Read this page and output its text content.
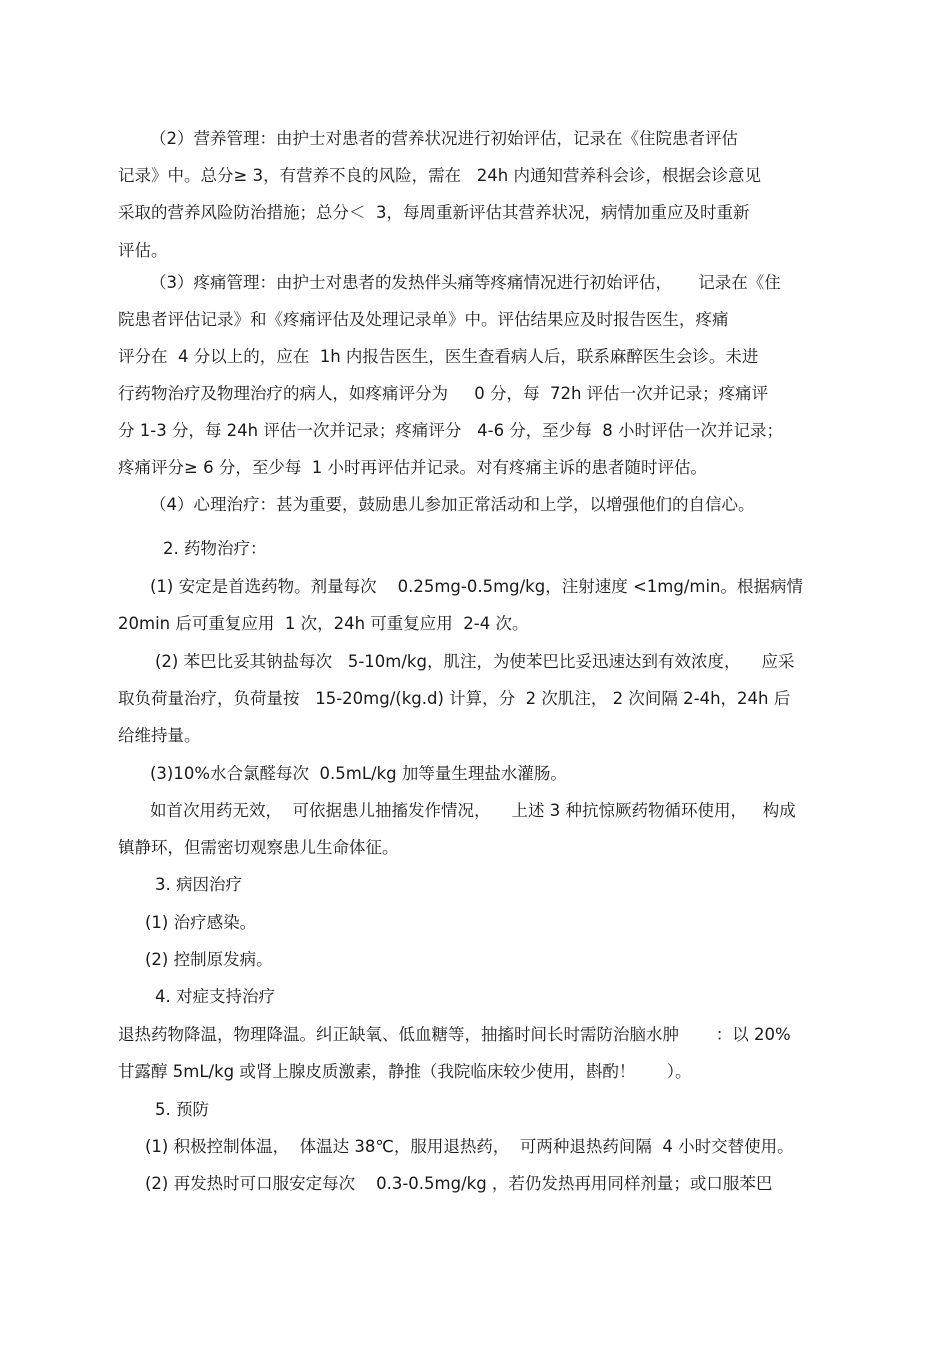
（2）营养管理：由护士对患者的营养状况进行初始评估，记录在《住院患者评估

记录》中。总分≥ 3，有营养不良的风险，需在   24h 内通知营养科会诊，根据会诊意见

采取的营养风险防治措施；总分＜  3，每周重新评估其营养状况，病情加重应及时重新

评估。

（3）疼痛管理：由护士对患者的发热伴头痛等疼痛情况进行初始评估，     记录在《住

院患者评估记录》和《疼痛评估及处理记录单》中。评估结果应及时报告医生，疼痛

评分在  4 分以上的，应在  1h 内报告医生，医生查看病人后，联系麻醉医生会诊。未进

行药物治疗及物理治疗的病人，如疼痛评分为     0 分，每  72h 评估一次并记录；疼痛评

分 1-3 分，每 24h 评估一次并记录；疼痛评分   4-6 分，至少每  8 小时评估一次并记录；

疼痛评分≥ 6 分，至少每  1 小时再评估并记录。对有疼痛主诉的患者随时评估。

（4）心理治疗：甚为重要，鼓励患儿参加正常活动和上学，以增强他们的自信心。

2. 药物治疗：

(1) 安定是首选药物。剂量每次    0.25mg-0.5mg/kg，注射速度 <1mg/min。根据病情

20min 后可重复应用  1 次，24h 可重复应用  2-4 次。

(2) 苯巴比妥其钠盐每次   5-10m/kg，肌注，为使苯巴比妥迅速达到有效浓度，    应采

取负荷量治疗，负荷量按   15-20mg/(kg.d) 计算，分  2 次肌注， 2 次间隔 2-4h，24h 后

给维持量。

(3)10%水合氯醛每次  0.5mL/kg 加等量生理盐水灌肠。

如首次用药无效，  可依据患儿抽搐发作情况，    上述 3 种抗惊厥药物循环使用，   构成

镇静环，但需密切观察患儿生命体征。

3. 病因治疗

(1) 治疗感染。

(2) 控制原发病。

4. 对症支持治疗

退热药物降温，物理降温。纠正缺氧、低血糖等，抽搐时间长时需防治脑水肿       ：以 20%

甘露醇 5mL/kg 或肾上腺皮质激素，静推（我院临床较少使用，斟酌！      ）。

5. 预防

(1) 积极控制体温，  体温达 38℃，服用退热药，  可两种退热药间隔  4 小时交替使用。

(2) 再发热时可口服安定每次    0.3-0.5mg/kg ，若仍发热再用同样剂量；或口服苯巴
